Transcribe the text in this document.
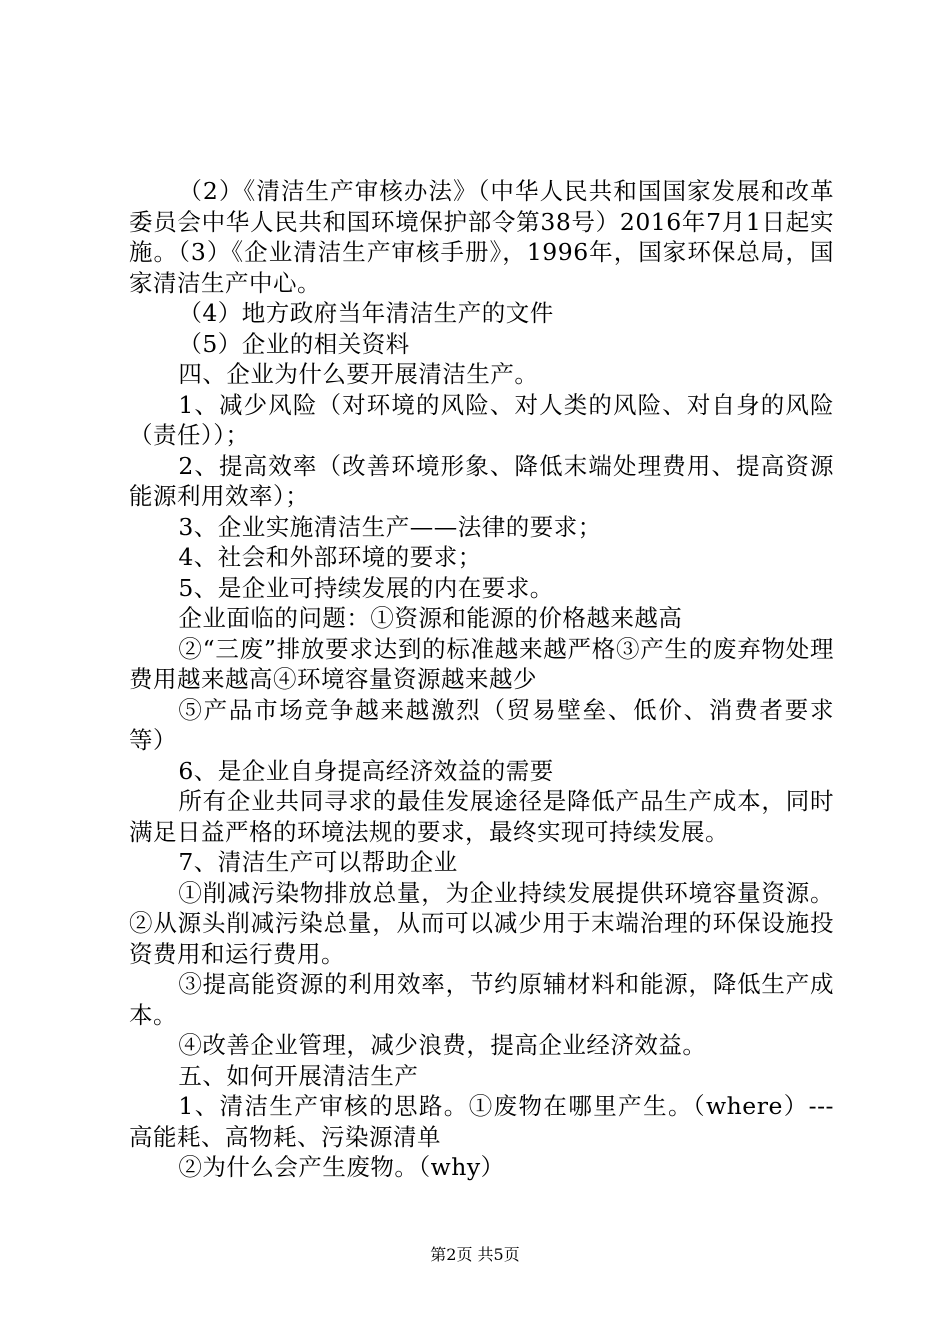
（2）《清洁生产审核办法》（中华人民共和国国家发展和改革委员会中华人民共和国环境保护部令第38号）2016年7月1日起实施。（3）《企业清洁生产审核手册》，1996年，国家环保总局，国家清洁生产中心。

（4）地方政府当年清洁生产的文件

（5）企业的相关资料

四、企业为什么要开展清洁生产。

1、减少风险（对环境的风险、对人类的风险、对自身的风险（责任））；

2、提高效率（改善环境形象、降低末端处理费用、提高资源能源利用效率）；

3、企业实施清洁生产——法律的要求；

4、社会和外部环境的要求；

5、是企业可持续发展的内在要求。

企业面临的问题：①资源和能源的价格越来越高

②“三废”排放要求达到的标准越来越严格③产生的废弃物处理费用越来越高④环境容量资源越来越少

⑤产品市场竞争越来越激烈（贸易壁垒、低价、消费者要求等）

6、是企业自身提高经济效益的需要

所有企业共同寻求的最佳发展途径是降低产品生产成本，同时满足日益严格的环境法规的要求，最终实现可持续发展。

7、清洁生产可以帮助企业

①削减污染物排放总量，为企业持续发展提供环境容量资源。②从源头削减污染总量，从而可以减少用于末端治理的环保设施投资费用和运行费用。

③提高能资源的利用效率，节约原辅材料和能源，降低生产成本。

④改善企业管理，减少浪费，提高企业经济效益。

五、如何开展清洁生产

1、清洁生产审核的思路。①废物在哪里产生。（where）---高能耗、高物耗、污染源清单

②为什么会产生废物。（why）

第2页 共5页
